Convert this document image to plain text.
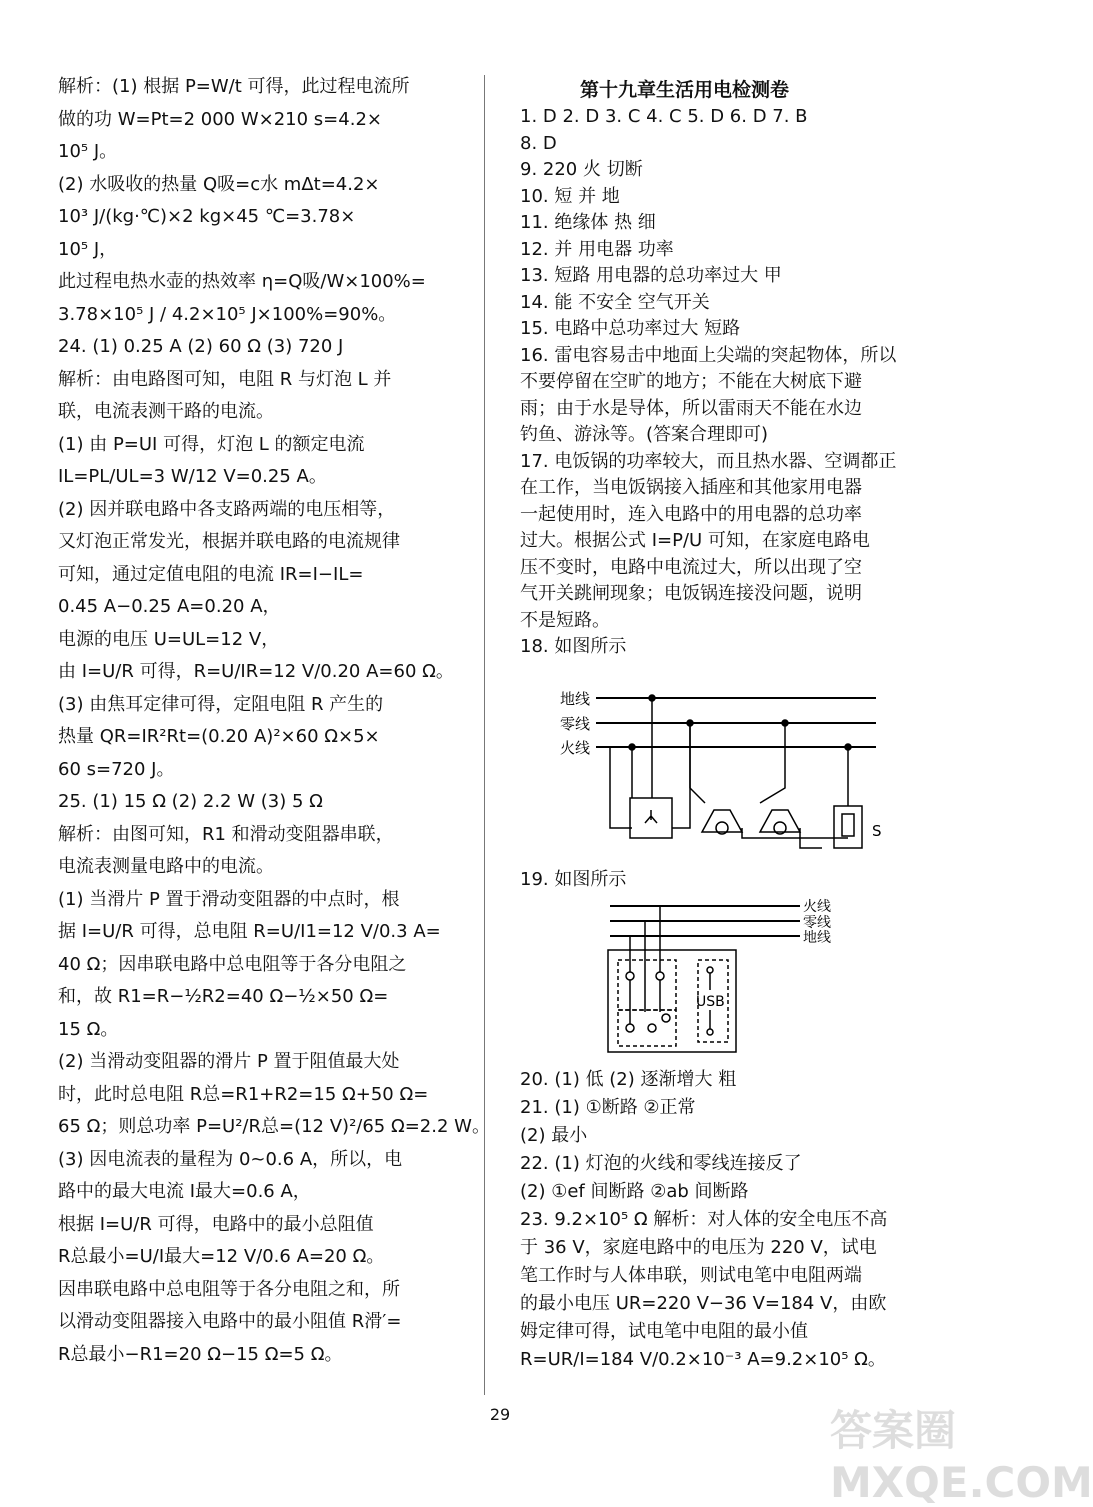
解析：(1) 根据 P=W/t 可得，此过程电流所
做的功 W=Pt=2 000 W×210 s=4.2×
10⁵ J。
(2) 水吸收的热量 Q吸=c水 mΔt=4.2×
10³ J/(kg·℃)×2 kg×45 ℃=3.78×
10⁵ J，
此过程电热水壶的热效率 η=Q吸/W×100%=
3.78×10⁵ J / 4.2×10⁵ J×100%=90%。
24. (1) 0.25 A (2) 60 Ω (3) 720 J
解析：由电路图可知，电阻 R 与灯泡 L 并
联，电流表测干路的电流。
(1) 由 P=UI 可得，灯泡 L 的额定电流
IL=PL/UL=3 W/12 V=0.25 A。
(2) 因并联电路中各支路两端的电压相等，
又灯泡正常发光，根据并联电路的电流规律
可知，通过定值电阻的电流 IR=I−IL=
0.45 A−0.25 A=0.20 A，
电源的电压 U=UL=12 V，
由 I=U/R 可得，R=U/IR=12 V/0.20 A=60 Ω。
(3) 由焦耳定律可得，定阻电阻 R 产生的
热量 QR=IR²Rt=(0.20 A)²×60 Ω×5×
60 s=720 J。
25. (1) 15 Ω (2) 2.2 W (3) 5 Ω
解析：由图可知，R1 和滑动变阻器串联，
电流表测量电路中的电流。
(1) 当滑片 P 置于滑动变阻器的中点时，根
据 I=U/R 可得，总电阻 R=U/I1=12 V/0.3 A=
40 Ω；因串联电路中总电阻等于各分电阻之
和，故 R1=R−½R2=40 Ω−½×50 Ω=
15 Ω。
(2) 当滑动变阻器的滑片 P 置于阻值最大处
时，此时总电阻 R总=R1+R2=15 Ω+50 Ω=
65 Ω；则总功率 P=U²/R总=(12 V)²/65 Ω=2.2 W。
(3) 因电流表的量程为 0~0.6 A，所以，电
路中的最大电流 I最大=0.6 A，
根据 I=U/R 可得，电路中的最小总阻值
R总最小=U/I最大=12 V/0.6 A=20 Ω。
因串联电路中总电阻等于各分电阻之和，所
以滑动变阻器接入电路中的最小阻值 R滑′=
R总最小−R1=20 Ω−15 Ω=5 Ω。
第十九章生活用电检测卷
1. D 2. D 3. C 4. C 5. D 6. D 7. B
8. D
9. 220 火 切断
10. 短 并 地
11. 绝缘体 热 细
12. 并 用电器 功率
13. 短路 用电器的总功率过大 甲
14. 能 不安全 空气开关
15. 电路中总功率过大 短路
16. 雷电容易击中地面上尖端的突起物体，所以
不要停留在空旷的地方；不能在大树底下避
雨；由于水是导体，所以雷雨天不能在水边
钓鱼、游泳等。(答案合理即可)
17. 电饭锅的功率较大，而且热水器、空调都正
在工作，当电饭锅接入插座和其他家用电器
一起使用时，连入电路中的用电器的总功率
过大。根据公式 I=P/U 可知，在家庭电路电
压不变时，电路中电流过大，所以出现了空
气开关跳闸现象；电饭锅连接没问题，说明
不是短路。
18. 如图所示
地线
零线
火线
S
19. 如图所示
火线
零线
地线
USB
20. (1) 低 (2) 逐渐增大 粗
21. (1) ①断路 ②正常
(2) 最小
22. (1) 灯泡的火线和零线连接反了
(2) ①ef 间断路 ②ab 间断路
23. 9.2×10⁵ Ω 解析：对人体的安全电压不高
于 36 V，家庭电路中的电压为 220 V，试电
笔工作时与人体串联，则试电笔中电阻两端
的最小电压 UR=220 V−36 V=184 V，由欧
姆定律可得，试电笔中电阻的最小值
R=UR/I=184 V/0.2×10⁻³ A=9.2×10⁵ Ω。
29	答案圈 MXQE.COM
